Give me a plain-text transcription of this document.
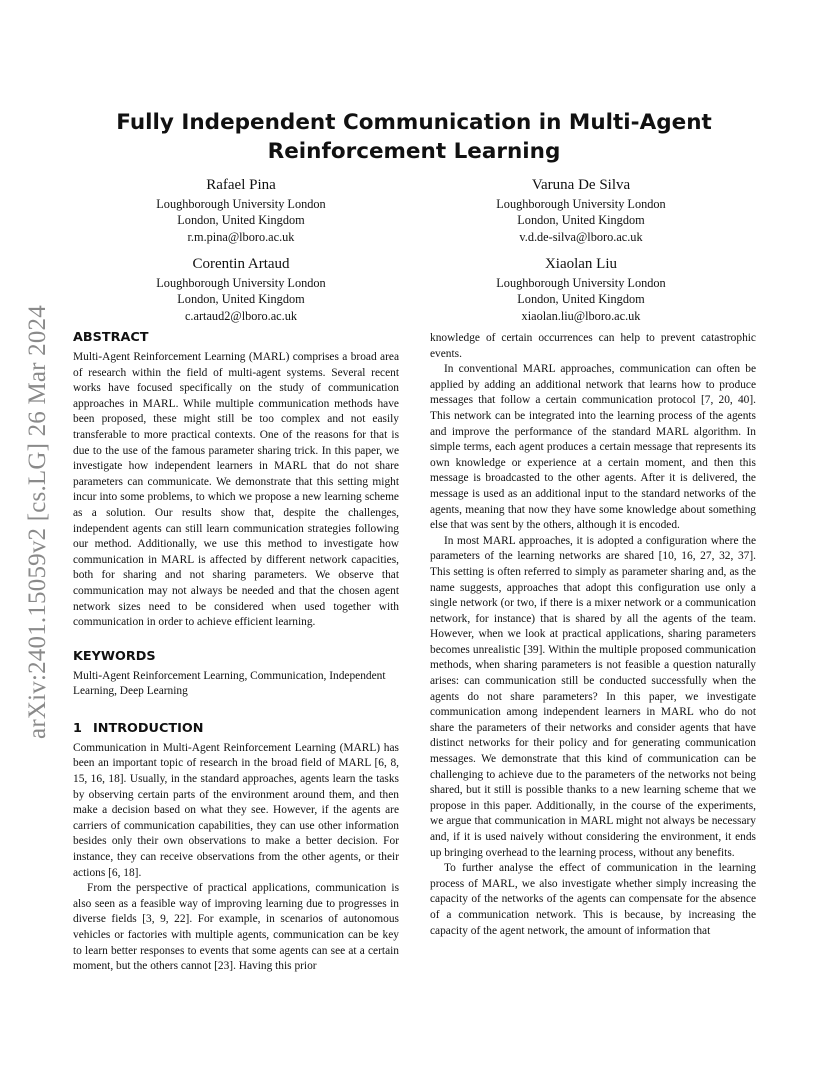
arXiv:2401.15059v2 [cs.LG] 26 Mar 2024
Fully Independent Communication in Multi-Agent Reinforcement Learning
Rafael Pina
Loughborough University London
London, United Kingdom
r.m.pina@lboro.ac.uk
Varuna De Silva
Loughborough University London
London, United Kingdom
v.d.de-silva@lboro.ac.uk
Corentin Artaud
Loughborough University London
London, United Kingdom
c.artaud2@lboro.ac.uk
Xiaolan Liu
Loughborough University London
London, United Kingdom
xiaolan.liu@lboro.ac.uk
ABSTRACT

Multi-Agent Reinforcement Learning (MARL) comprises a broad area of research within the field of multi-agent systems. Several recent works have focused specifically on the study of communication approaches in MARL. While multiple communication methods have been proposed, these might still be too complex and not easily transferable to more practical contexts. One of the reasons for that is due to the use of the famous parameter sharing trick. In this paper, we investigate how independent learners in MARL that do not share parameters can communicate. We demonstrate that this setting might incur into some problems, to which we propose a new learning scheme as a solution. Our results show that, despite the challenges, independent agents can still learn communication strategies following our method. Additionally, we use this method to investigate how communication in MARL is affected by different network capacities, both for sharing and not sharing parameters. We observe that communication may not always be needed and that the chosen agent network sizes need to be considered when used together with communication in order to achieve efficient learning.

KEYWORDS

Multi-Agent Reinforcement Learning, Communication, Independent Learning, Deep Learning

1 INTRODUCTION

Communication in Multi-Agent Reinforcement Learning (MARL) has been an important topic of research in the broad field of MARL [6, 8, 15, 16, 18]. Usually, in the standard approaches, agents learn the tasks by observing certain parts of the environment around them, and then make a decision based on what they see. However, if the agents are carriers of communication capabilities, they can use other information besides only their own observations to make a better decision. For instance, they can receive observations from the other agents, or their actions [6, 18].

From the perspective of practical applications, communication is also seen as a feasible way of improving learning due to progresses in diverse fields [3, 9, 22]. For example, in scenarios of autonomous vehicles or factories with multiple agents, communication can be key to learn better responses to events that some agents can see at a certain moment, but the others cannot [23]. Having this prior

knowledge of certain occurrences can help to prevent catastrophic events.

In conventional MARL approaches, communication can often be applied by adding an additional network that learns how to produce messages that follow a certain communication protocol [7, 20, 40]. This network can be integrated into the learning process of the agents and improve the performance of the standard MARL algorithm. In simple terms, each agent produces a certain message that represents its own knowledge or experience at a certain moment, and then this message is broadcasted to the other agents. After it is delivered, the message is used as an additional input to the standard networks of the agents, meaning that now they have some knowledge about something else that was sent by the others, although it is encoded.

In most MARL approaches, it is adopted a configuration where the parameters of the learning networks are shared [10, 16, 27, 32, 37]. This setting is often referred to simply as parameter sharing and, as the name suggests, approaches that adopt this configuration use only a single network (or two, if there is a mixer network or a communication network, for instance) that is shared by all the agents of the team. However, when we look at practical applications, sharing parameters becomes unrealistic [39]. Within the multiple proposed communication methods, when sharing parameters is not feasible a question naturally arises: can communication still be conducted successfully when the agents do not share parameters? In this paper, we investigate communication among independent learners in MARL who do not share the parameters of their networks and consider agents that have distinct networks for their policy and for generating communication messages. We demonstrate that this kind of communication can be challenging to achieve due to the parameters of the networks not being shared, but it still is possible thanks to a new learning scheme that we propose in this paper. Additionally, in the course of the experiments, we argue that communication in MARL might not always be necessary and, if it is used naively without considering the environment, it ends up bringing overhead to the learning process, without any benefits.

To further analyse the effect of communication in the learning process of MARL, we also investigate whether simply increasing the capacity of the networks of the agents can compensate for the absence of a communication network. This is because, by increasing the capacity of the agent network, the amount of information that
